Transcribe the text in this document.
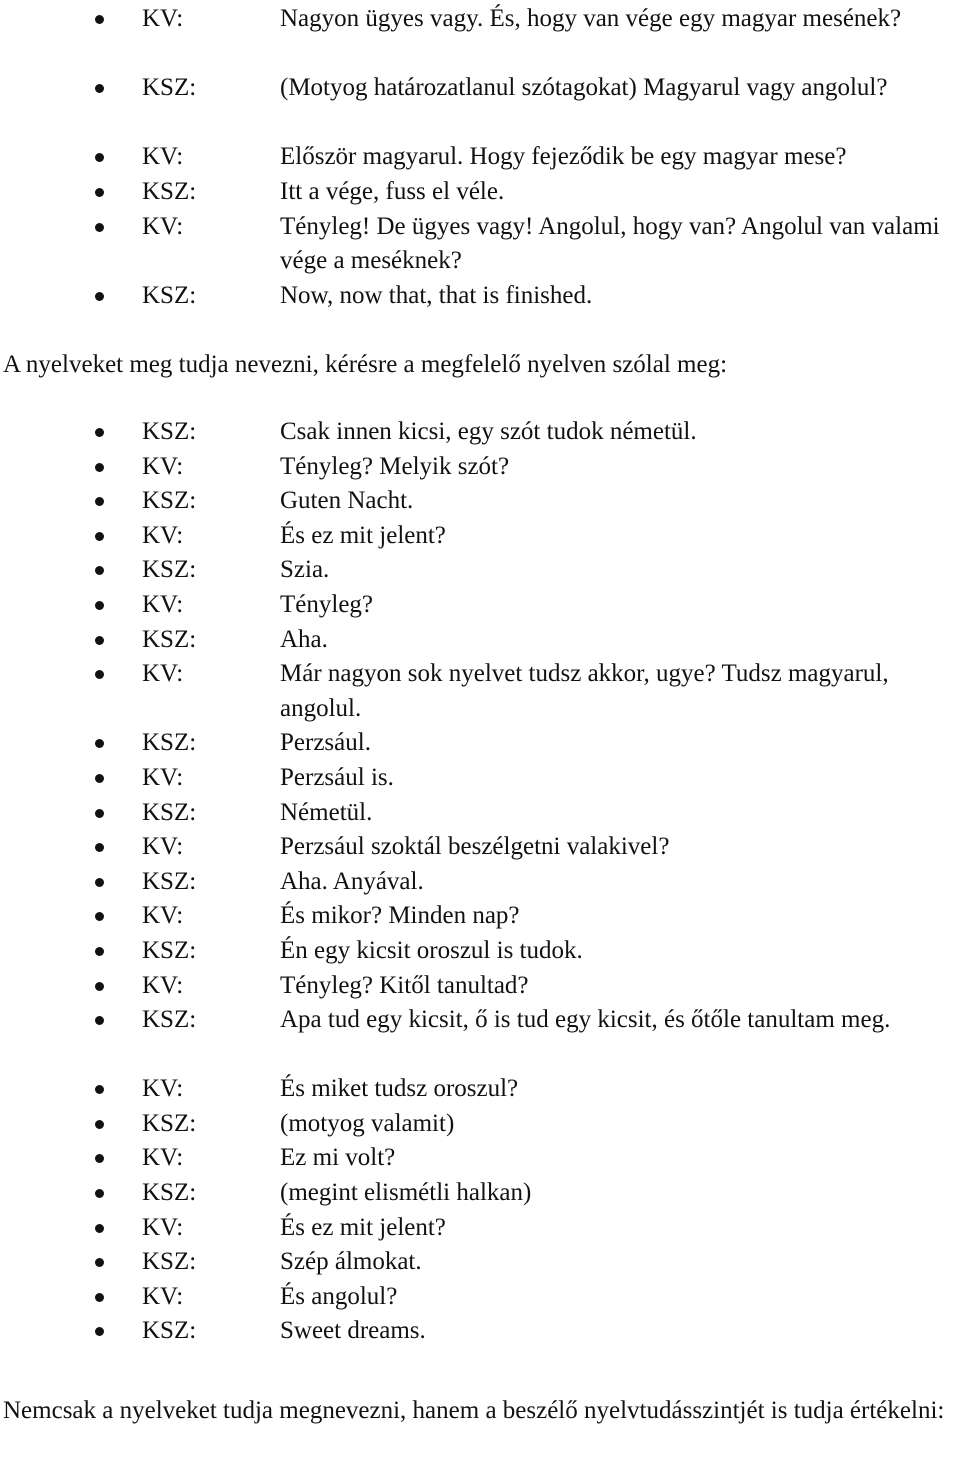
KV:	Nagyon ügyes vagy. És, hogy van vége egy magyar mesének?
KSZ:	(Motyog határozatlanul szótagokat) Magyarul vagy angolul?
KV:	Először magyarul. Hogy fejeződik be egy magyar mese?
KSZ:	Itt a vége, fuss el véle.
KV:	Tényleg! De ügyes vagy! Angolul, hogy van? Angolul van valami vége a meséknek?
KSZ:	Now, now that, that is finished.
A nyelveket meg tudja nevezni, kérésre a megfelelő nyelven szólal meg:
KSZ:	Csak innen kicsi, egy szót tudok németül.
KV:	Tényleg? Melyik szót?
KSZ:	Guten Nacht.
KV:	És ez mit jelent?
KSZ:	Szia.
KV:	Tényleg?
KSZ:	Aha.
KV:	Már nagyon sok nyelvet tudsz akkor, ugye? Tudsz magyarul, angolul.
KSZ:	Perzsául.
KV:	Perzsául is.
KSZ:	Németül.
KV:	Perzsául szoktál beszélgetni valakivel?
KSZ:	Aha. Anyával.
KV:	És mikor? Minden nap?
KSZ:	Én egy kicsit oroszul is tudok.
KV:	Tényleg? Kitől tanultad?
KSZ:	Apa tud egy kicsit, ő is tud egy kicsit, és őtőle tanultam meg.
KV:	És miket tudsz oroszul?
KSZ:	(motyog valamit)
KV:	Ez mi volt?
KSZ:	(megint elismétli halkan)
KV:	És ez mit jelent?
KSZ:	Szép álmokat.
KV:	És angolul?
KSZ:	Sweet dreams.
Nemcsak a nyelveket tudja megnevezni, hanem a beszélő nyelvtudásszintjét is tudja értékelni:
